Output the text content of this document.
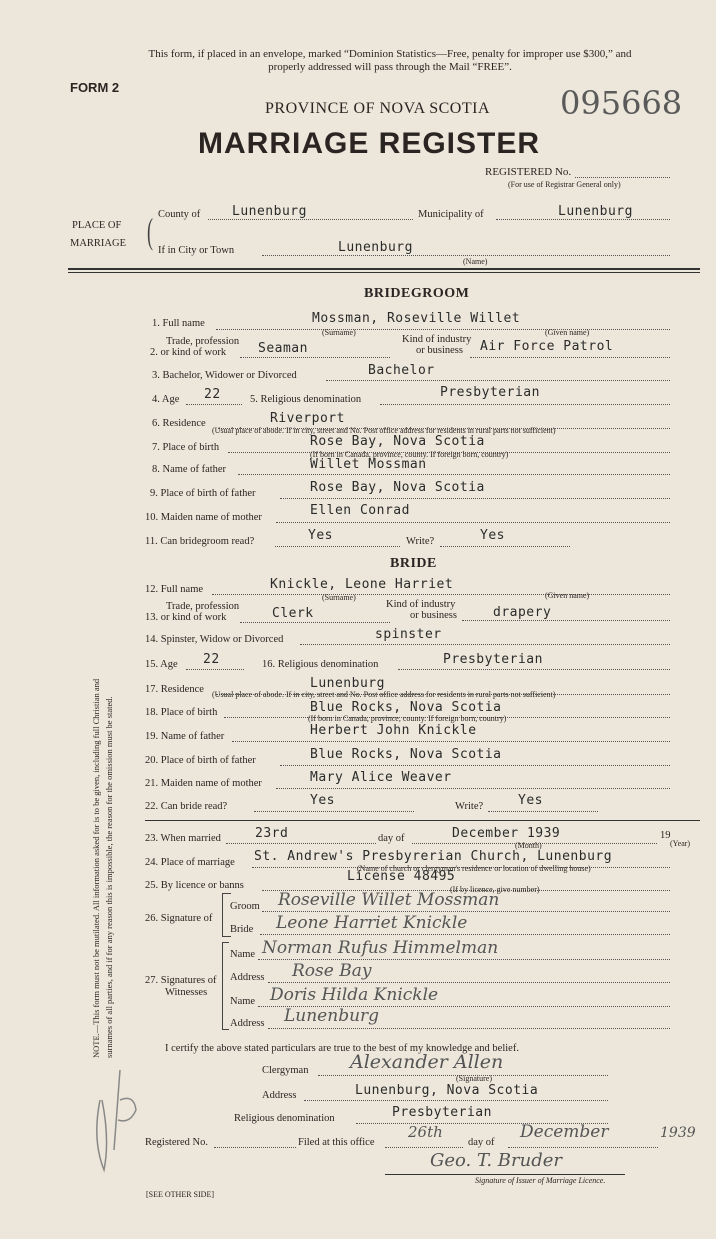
This form, if placed in an envelope, marked “Dominion Statistics—Free, penalty for improper use $300,” and
properly addressed will pass through the Mail “FREE”.
FORM 2
PROVINCE OF NOVA SCOTIA 095668
MARRIAGE REGISTER
REGISTERED No.
(For use of Registrar General only)
PLACE OF
MARRIAGE ( County of Lunenburg	Municipality of	Lunenburg
If in City or Town	Lunenburg
(Name)
BRIDEGROOM
1. Full name	Mossman, Roseville Willet
(Surname)	(Given name)
Trade, profession
2. or kind of work Seaman
Kind of industry
or business Air Force Patrol
3. Bachelor, Widower or Divorced	Bachelor
4. Age 22	5. Religious denomination	Presbyterian
6. Residence	Riverport
(Usual place of abode. If in city, street and No. Post office address for residents in rural parts not sufficient)
7. Place of birth	Rose Bay, Nova Scotia
(If born in Canada, province, county. If foreign born, country)
8. Name of father	Willet Mossman
9. Place of birth of father	Rose Bay, Nova Scotia
10. Maiden name of mother	Ellen Conrad
11. Can bridegroom read?	Yes	Write?	Yes
BRIDE
12. Full name	Knickle, Leone Harriet
(Surname)	(Given name)
Trade, profession
13. or kind of work	Clerk
Kind of industry
or business	drapery
14. Spinster, Widow or Divorced	spinster
15. Age 22	16. Religious denomination	Presbyterian
17. Residence	Lunenburg
(Usual place of abode. If in city, street and No. Post office address for residents in rural parts not sufficient)
18. Place of birth	Blue Rocks, Nova Scotia
(If born in Canada, province, county. If foreign born, country)
19. Name of father	Herbert John Knickle
20. Place of birth of father	Blue Rocks, Nova Scotia
21. Maiden name of mother	Mary Alice Weaver
22. Can bride read?	Yes	Write?	Yes
23. When married	23rd	day of	December 1939	19
(Month)	(Year)
24. Place of marriage St. Andrew's Presbyrerian Church, Lunenburg
(Name of church or clergyman's residence or location of dwelling house)
25. By licence or banns
License 48495
(If by licence, give number)
26. Signature of
Groom Roseville Willet Mossman
Bride Leone Harriet Knickle
27. Signatures of
Witnesses
Name Norman Rufus Himmelman
Address Rose Bay
Name Doris Hilda Knickle
Address Lunenburg
I certify the above stated particulars are true to the best of my knowledge and belief.
Clergyman Alexander Allen
(Signature)
Address	Lunenburg, Nova Scotia
Religious denomination	Presbyterian
Registered No.	Filed at this office
26th
day of
December	1939
Geo. T. Bruder
Signature of Issuer of Marriage Licence.
[SEE OTHER SIDE]
NOTE.—This form must not be mutilated. All information asked for is to be given, including full Christian and surnames of all parties, and if for any reason this is impossible, the reason for the omission must be stated.
